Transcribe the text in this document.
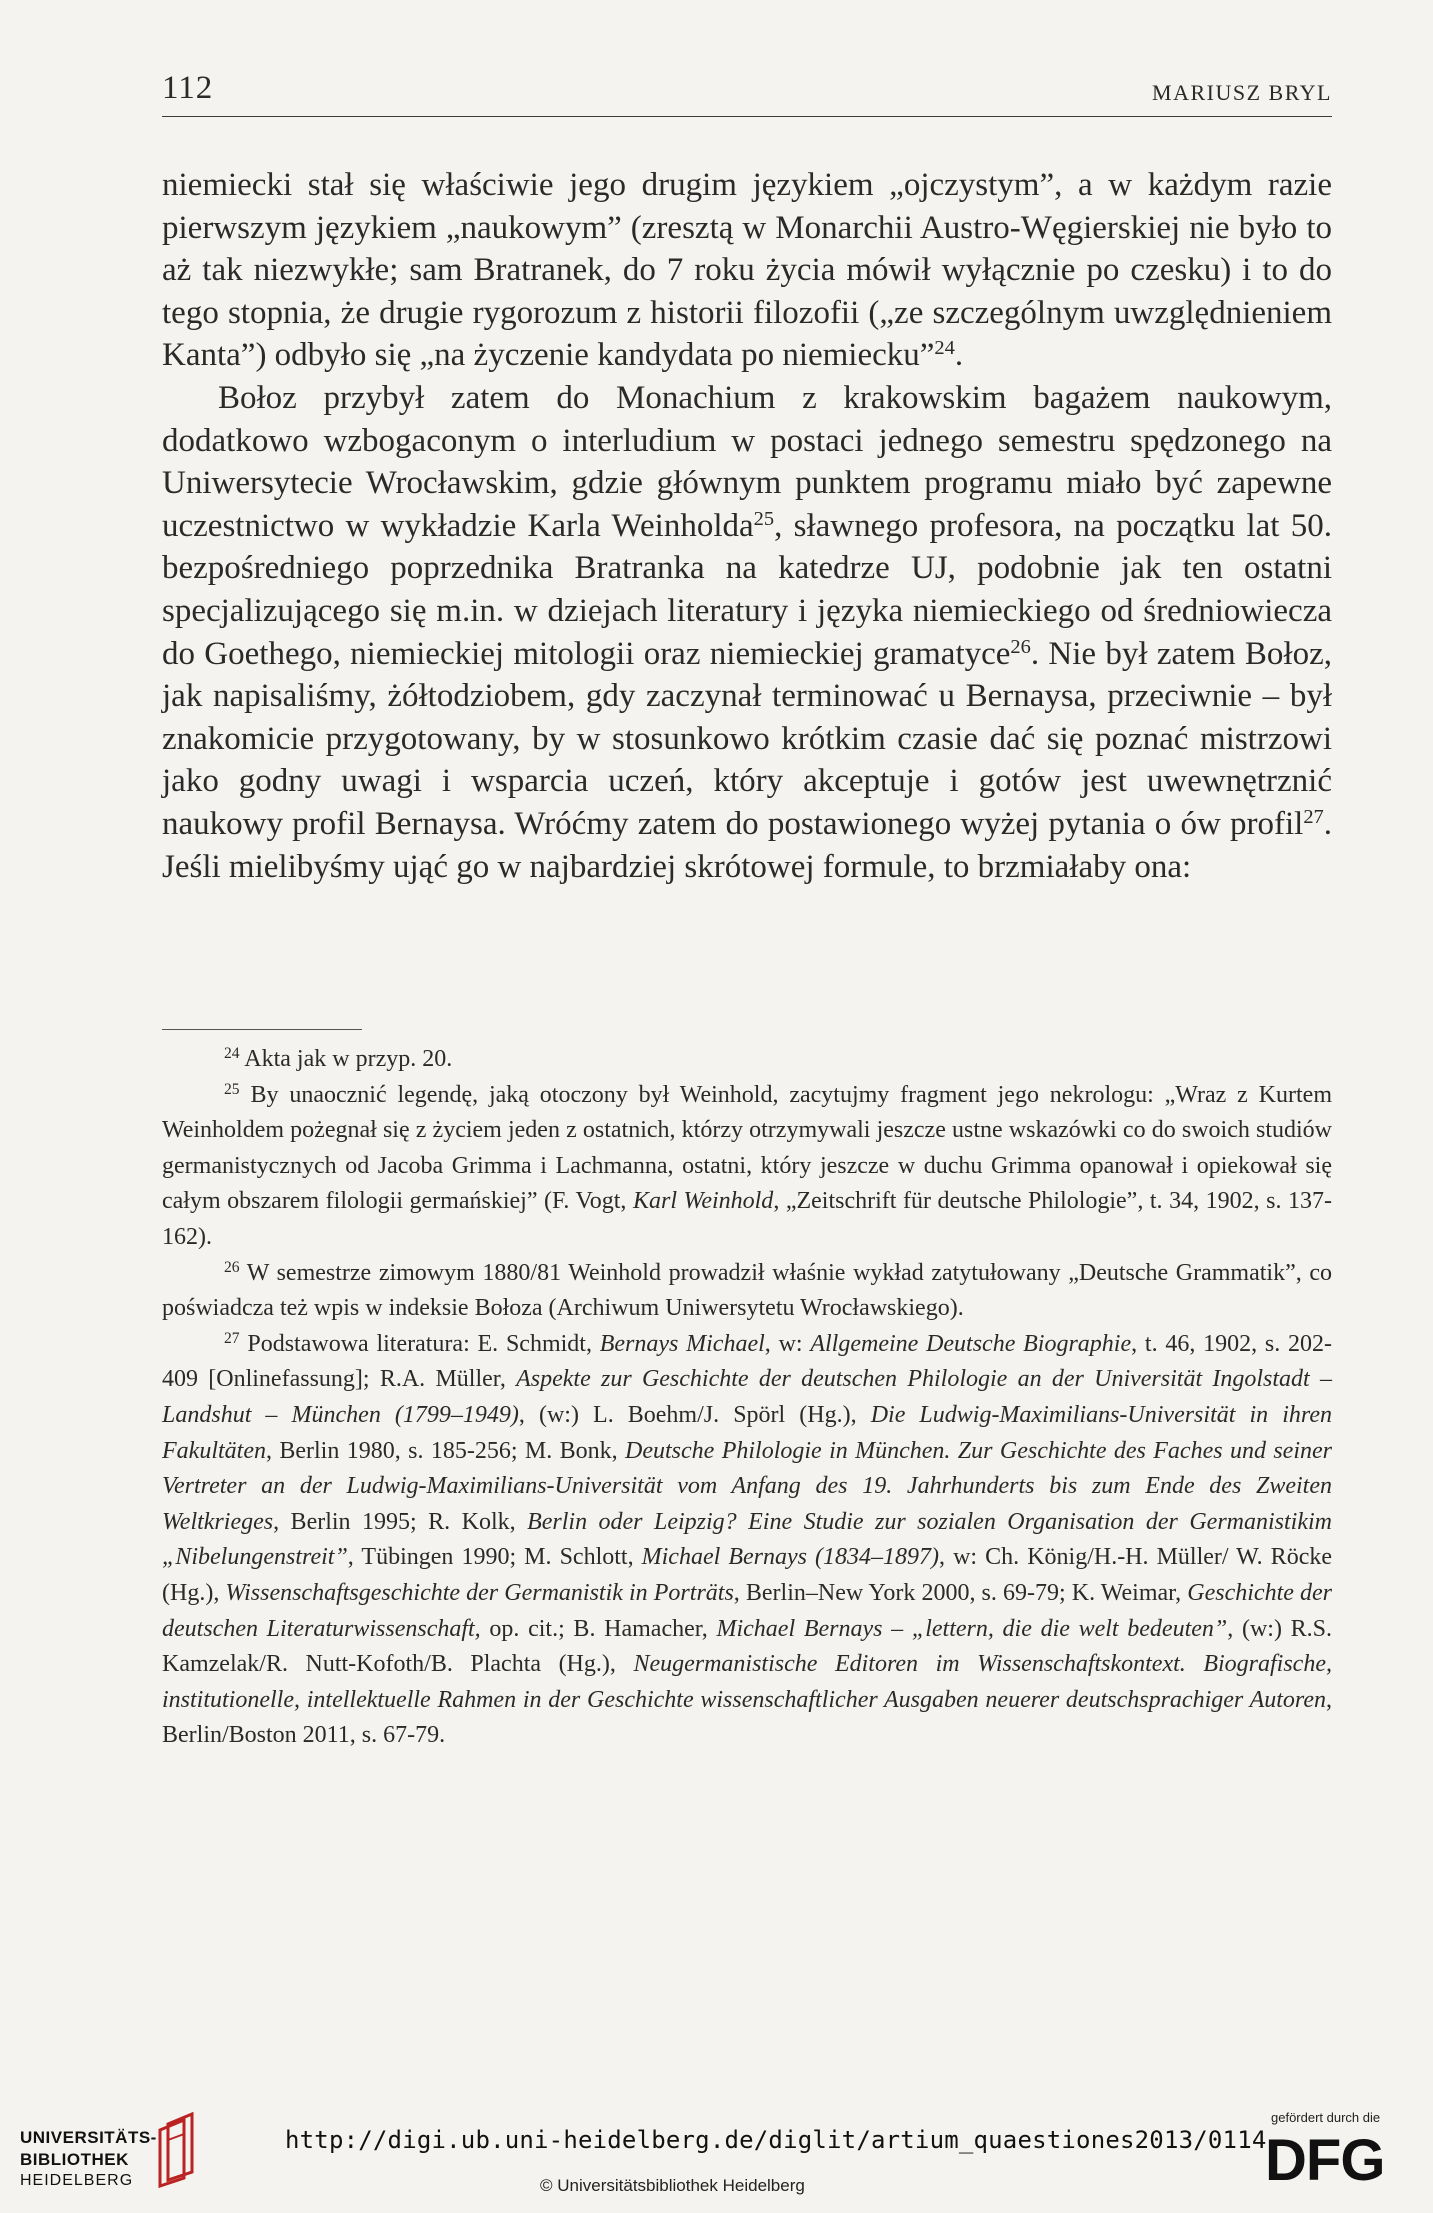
112	MARIUSZ BRYL

niemiecki stał się właściwie jego drugim językiem „ojczystym”, a w każdym razie pierwszym językiem „naukowym” (zresztą w Monarchii Austro-Węgierskiej nie było to aż tak niezwykłe; sam Bratranek, do 7 roku życia mówił wyłącznie po czesku) i to do tego stopnia, że drugie rygorozum z historii filozofii („ze szczególnym uwzględnieniem Kanta”) odbyło się „na życzenie kandydata po niemiecku”$^{24}$.

Bołoz przybył zatem do Monachium z krakowskim bagażem naukowym, dodatkowo wzbogaconym o interludium w postaci jednego semestru spędzonego na Uniwersytecie Wrocławskim, gdzie głównym punktem programu miało być zapewne uczestnictwo w wykładzie Karla Weinholda$^{25}$, sławnego profesora, na początku lat 50. bezpośredniego poprzednika Bratranka na katedrze UJ, podobnie jak ten ostatni specjalizującego się m.in. w dziejach literatury i języka niemieckiego od średniowiecza do Goethego, niemieckiej mitologii oraz niemieckiej gramatyce$^{26}$. Nie był zatem Bołoz, jak napisaliśmy, żółtodziobem, gdy zaczynał terminować u Bernaysa, przeciwnie – był znakomicie przygotowany, by w stosunkowo krótkim czasie dać się poznać mistrzowi jako godny uwagi i wsparcia uczeń, który akceptuje i gotów jest uwewnętrznić naukowy profil Bernaysa. Wróćmy zatem do postawionego wyżej pytania o ów profil$^{27}$. Jeśli mielibyśmy ująć go w najbardziej skrótowej formule, to brzmiałaby ona:

$^{24}$ Akta jak w przyp. 20.

$^{25}$ By unaocznić legendę, jaką otoczony był Weinhold, zacytujmy fragment jego nekrologu: „Wraz z Kurtem Weinholdem pożegnał się z życiem jeden z ostatnich, którzy otrzymywali jeszcze ustne wskazówki co do swoich studiów germanistycznych od Jacoba Grimma i Lachmanna, ostatni, który jeszcze w duchu Grimma opanował i opiekował się całym obszarem filologii germańskiej” (F. Vogt, Karl Weinhold, „Zeitschrift für deutsche Philologie”, t. 34, 1902, s. 137-162).

$^{26}$ W semestrze zimowym 1880/81 Weinhold prowadził właśnie wykład zatytułowany „Deutsche Grammatik”, co poświadcza też wpis w indeksie Bołoza (Archiwum Uniwersytetu Wrocławskiego).

$^{27}$ Podstawowa literatura: E. Schmidt, Bernays Michael, w: Allgemeine Deutsche Biographie, t. 46, 1902, s. 202-409 [Onlinefassung]; R.A. Müller, Aspekte zur Geschichte der deutschen Philologie an der Universität Ingolstadt – Landshut – München (1799–1949), (w:) L. Boehm/J. Spörl (Hg.), Die Ludwig-Maximilians-Universität in ihren Fakultäten, Berlin 1980, s. 185-256; M. Bonk, Deutsche Philologie in München. Zur Geschichte des Faches und seiner Vertreter an der Ludwig-Maximilians-Universität vom Anfang des 19. Jahrhunderts bis zum Ende des Zweiten Weltkrieges, Berlin 1995; R. Kolk, Berlin oder Leipzig? Eine Studie zur sozialen Organisation der Germanistikim „Nibelungenstreit”, Tübingen 1990; M. Schlott, Michael Bernays (1834–1897), w: Ch. König/H.-H. Müller/ W. Röcke (Hg.), Wissenschaftsgeschichte der Germanistik in Porträts, Berlin–New York 2000, s. 69-79; K. Weimar, Geschichte der deutschen Literaturwissenschaft, op. cit.; B. Hamacher, Michael Bernays – „lettern, die die welt bedeuten”, (w:) R.S. Kamzelak/R. Nutt-Kofoth/B. Plachta (Hg.), Neugermanistische Editoren im Wissenschaftskontext. Biografische, institutionelle, intellektuelle Rahmen in der Geschichte wissenschaftlicher Ausgaben neuerer deutschsprachiger Autoren, Berlin/Boston 2011, s. 67-79.

UNIVERSITÄTS-
BIBLIOTHEK
HEIDELBERG
http://digi.ub.uni-heidelberg.de/diglit/artium_quaestiones2013/0114
© Universitätsbibliothek Heidelberg
gefördert durch die
DFG
